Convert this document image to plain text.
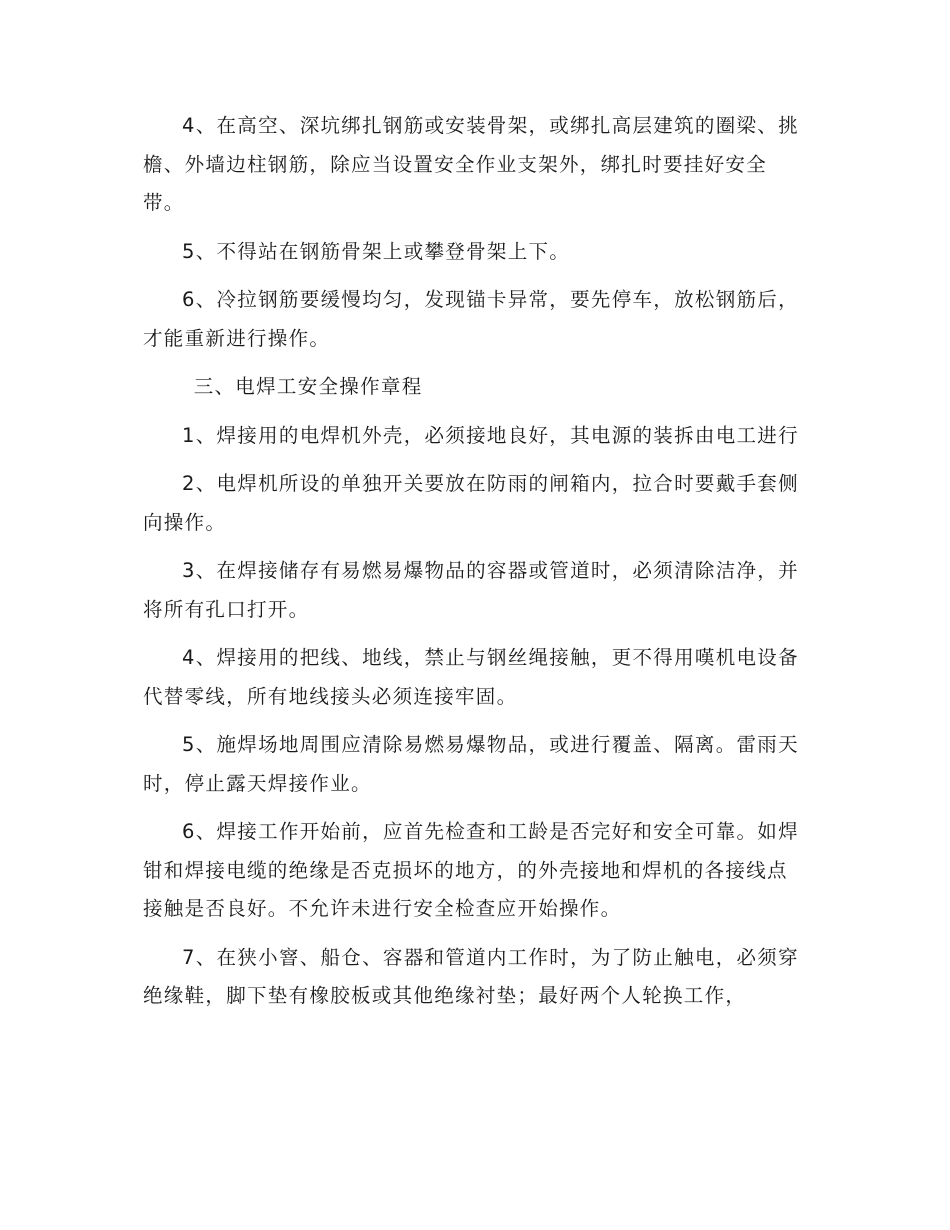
4、在高空、深坑绑扎钢筋或安装骨架，或绑扎高层建筑的圈梁、挑檐、外墙边柱钢筋，除应当设置安全作业支架外，绑扎时要挂好安全带。

5、不得站在钢筋骨架上或攀登骨架上下。

6、冷拉钢筋要缓慢均匀，发现锚卡异常，要先停车，放松钢筋后，才能重新进行操作。

三、电焊工安全操作章程

1、焊接用的电焊机外壳，必须接地良好，其电源的装拆由电工进行

2、电焊机所设的单独开关要放在防雨的闸箱内，拉合时要戴手套侧向操作。

3、在焊接储存有易燃易爆物品的容器或管道时，必须清除洁净，并将所有孔口打开。

4、焊接用的把线、地线，禁止与钢丝绳接触，更不得用嘆机电设备代替零线，所有地线接头必须连接牢固。

5、施焊场地周围应清除易燃易爆物品，或进行覆盖、隔离。雷雨天时，停止露天焊接作业。

6、焊接工作开始前，应首先检查和工龄是否完好和安全可靠。如焊钳和焊接电缆的绝缘是否克损坏的地方，的外壳接地和焊机的各接线点接触是否良好。不允许未进行安全检查应开始操作。

7、在狭小窨、船仓、容器和管道内工作时，为了防止触电，必须穿绝缘鞋，脚下垫有橡胶板或其他绝缘衬垫；最好两个人轮换工作，
